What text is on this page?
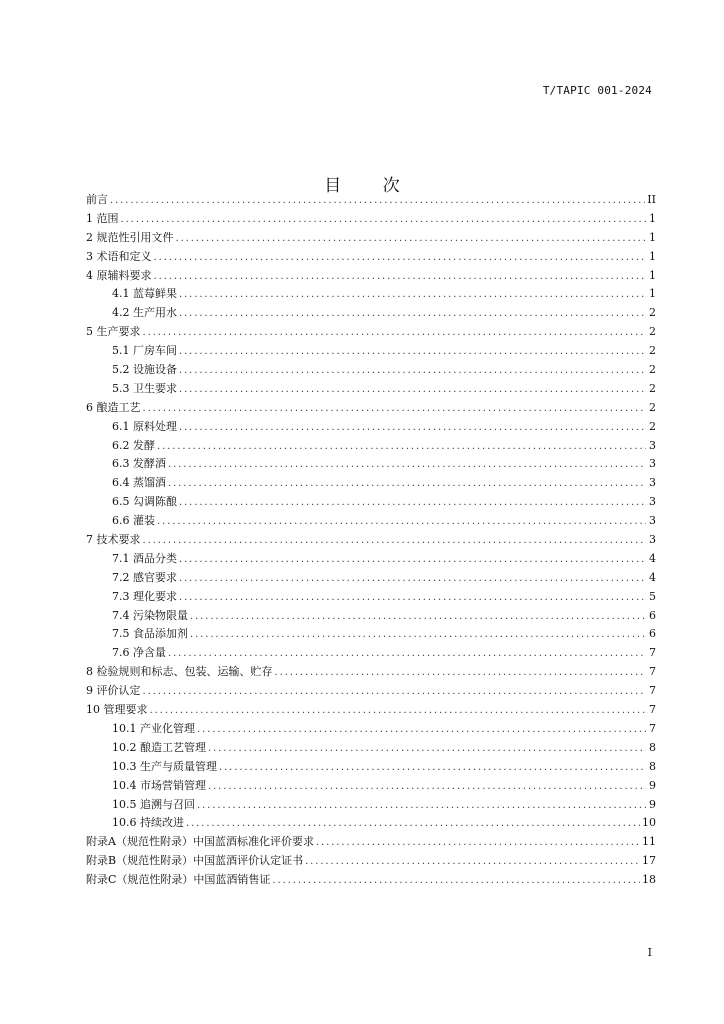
T/TAPIC 001-2024
目 次
前言 .....	II
1 范围 .....	1
2 规范性引用文件 .....	1
3 术语和定义 .....	1
4 原辅料要求 .....	1
4.1 蓝莓鲜果 .....	1
4.2 生产用水 .....	2
5 生产要求 .....	2
5.1 厂房车间 .....	2
5.2 设施设备 .....	2
5.3 卫生要求 .....	2
6 酿造工艺 .....	2
6.1 原料处理 .....	2
6.2 发酵 .....	3
6.3 发酵酒 .....	3
6.4 蒸馏酒 .....	3
6.5 勾调陈酿 .....	3
6.6 灌装 .....	3
7 技术要求 .....	3
7.1 酒品分类 .....	4
7.2 感官要求 .....	4
7.3 理化要求 .....	5
7.4 污染物限量 .....	6
7.5 食品添加剂 .....	6
7.6 净含量 .....	7
8 检验规则和标志、包装、运输、贮存 .....	7
9 评价认定 .....	7
10 管理要求 .....	7
10.1 产业化管理 .....	7
10.2 酿造工艺管理 .....	8
10.3 生产与质量管理 .....	8
10.4 市场营销管理 .....	9
10.5 追溯与召回 .....	9
10.6 持续改进 .....	10
附录A（规范性附录）中国蓝酒标准化评价要求 .....	11
附录B（规范性附录）中国蓝酒评价认定证书 .....	17
附录C（规范性附录）中国蓝酒销售证 .....	18
I
